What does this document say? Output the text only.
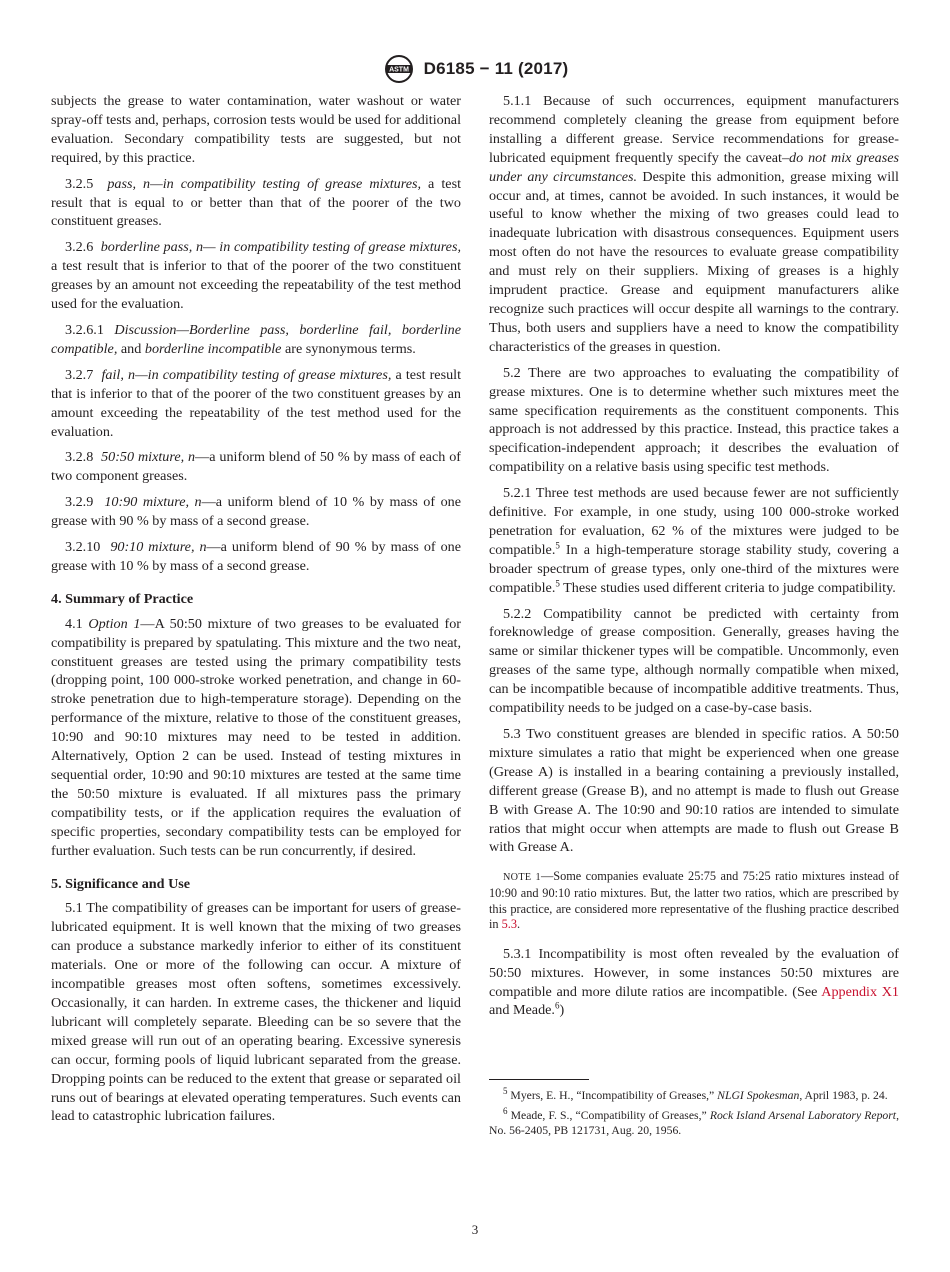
ASTM D6185 − 11 (2017)

subjects the grease to water contamination, water washout or water spray-off tests and, perhaps, corrosion tests would be used for additional evaluation. Secondary compatibility tests are suggested, but not required, by this practice.

3.2.5 pass, n—in compatibility testing of grease mixtures, a test result that is equal to or better than that of the poorer of the two constituent greases.

3.2.6 borderline pass, n— in compatibility testing of grease mixtures, a test result that is inferior to that of the poorer of the two constituent greases by an amount not exceeding the repeatability of the test method used for the evaluation.

3.2.6.1 Discussion—Borderline pass, borderline fail, borderline compatible, and borderline incompatible are synonymous terms.

3.2.7 fail, n—in compatibility testing of grease mixtures, a test result that is inferior to that of the poorer of the two constituent greases by an amount exceeding the repeatability of the test method used for the evaluation.

3.2.8 50:50 mixture, n—a uniform blend of 50 % by mass of each of two component greases.

3.2.9 10:90 mixture, n—a uniform blend of 10 % by mass of one grease with 90 % by mass of a second grease.

3.2.10 90:10 mixture, n—a uniform blend of 90 % by mass of one grease with 10 % by mass of a second grease.

4. Summary of Practice

4.1 Option 1—A 50:50 mixture of two greases to be evaluated for compatibility is prepared by spatulating. This mixture and the two neat, constituent greases are tested using the primary compatibility tests (dropping point, 100 000-stroke worked penetration, and change in 60-stroke penetration due to high-temperature storage). Depending on the performance of the mixture, relative to those of the constituent greases, 10:90 and 90:10 mixtures may need to be tested in addition. Alternatively, Option 2 can be used. Instead of testing mixtures in sequential order, 10:90 and 90:10 mixtures are tested at the same time the 50:50 mixture is evaluated. If all mixtures pass the primary compatibility tests, or if the application requires the evaluation of specific properties, secondary compatibility tests can be employed for further evaluation. Such tests can be run concurrently, if desired.

5. Significance and Use

5.1 The compatibility of greases can be important for users of grease-lubricated equipment. It is well known that the mixing of two greases can produce a substance markedly inferior to either of its constituent materials. One or more of the following can occur. A mixture of incompatible greases most often softens, sometimes excessively. Occasionally, it can harden. In extreme cases, the thickener and liquid lubricant will completely separate. Bleeding can be so severe that the mixed grease will run out of an operating bearing. Excessive syneresis can occur, forming pools of liquid lubricant separated from the grease. Dropping points can be reduced to the extent that grease or separated oil runs out of bearings at elevated operating temperatures. Such events can lead to catastrophic lubrication failures.

5.1.1 Because of such occurrences, equipment manufacturers recommend completely cleaning the grease from equipment before installing a different grease. Service recommendations for grease-lubricated equipment frequently specify the caveat–do not mix greases under any circumstances. Despite this admonition, grease mixing will occur and, at times, cannot be avoided. In such instances, it would be useful to know whether the mixing of two greases could lead to inadequate lubrication with disastrous consequences. Equipment users most often do not have the resources to evaluate grease compatibility and must rely on their suppliers. Mixing of greases is a highly imprudent practice. Grease and equipment manufacturers alike recognize such practices will occur despite all warnings to the contrary. Thus, both users and suppliers have a need to know the compatibility characteristics of the greases in question.

5.2 There are two approaches to evaluating the compatibility of grease mixtures. One is to determine whether such mixtures meet the same specification requirements as the constituent components. This approach is not addressed by this practice. Instead, this practice takes a specification-independent approach; it describes the evaluation of compatibility on a relative basis using specific test methods.

5.2.1 Three test methods are used because fewer are not sufficiently definitive. For example, in one study, using 100 000-stroke worked penetration for evaluation, 62 % of the mixtures were judged to be compatible.$^5$ In a high-temperature storage stability study, covering a broader spectrum of grease types, only one-third of the mixtures were compatible.$^5$ These studies used different criteria to judge compatibility.

5.2.2 Compatibility cannot be predicted with certainty from foreknowledge of grease composition. Generally, greases having the same or similar thickener types will be compatible. Uncommonly, even greases of the same type, although normally compatible when mixed, can be incompatible because of incompatible additive treatments. Thus, compatibility needs to be judged on a case-by-case basis.

5.3 Two constituent greases are blended in specific ratios. A 50:50 mixture simulates a ratio that might be experienced when one grease (Grease A) is installed in a bearing containing a previously installed, different grease (Grease B), and no attempt is made to flush out Grease B with Grease A. The 10:90 and 90:10 ratios are intended to simulate ratios that might occur when attempts are made to flush out Grease B with Grease A.

NOTE 1—Some companies evaluate 25:75 and 75:25 ratio mixtures instead of 10:90 and 90:10 ratio mixtures. But, the latter two ratios, which are prescribed by this practice, are considered more representative of the flushing practice described in 5.3.

5.3.1 Incompatibility is most often revealed by the evaluation of 50:50 mixtures. However, in some instances 50:50 mixtures are compatible and more dilute ratios are incompatible. (See Appendix X1 and Meade.$^6$)

$^5$ Myers, E. H., “Incompatibility of Greases,” NLGI Spokesman, April 1983, p. 24.

$^6$ Meade, F. S., “Compatibility of Greases,” Rock Island Arsenal Laboratory Report, No. 56-2405, PB 121731, Aug. 20, 1956.

3
